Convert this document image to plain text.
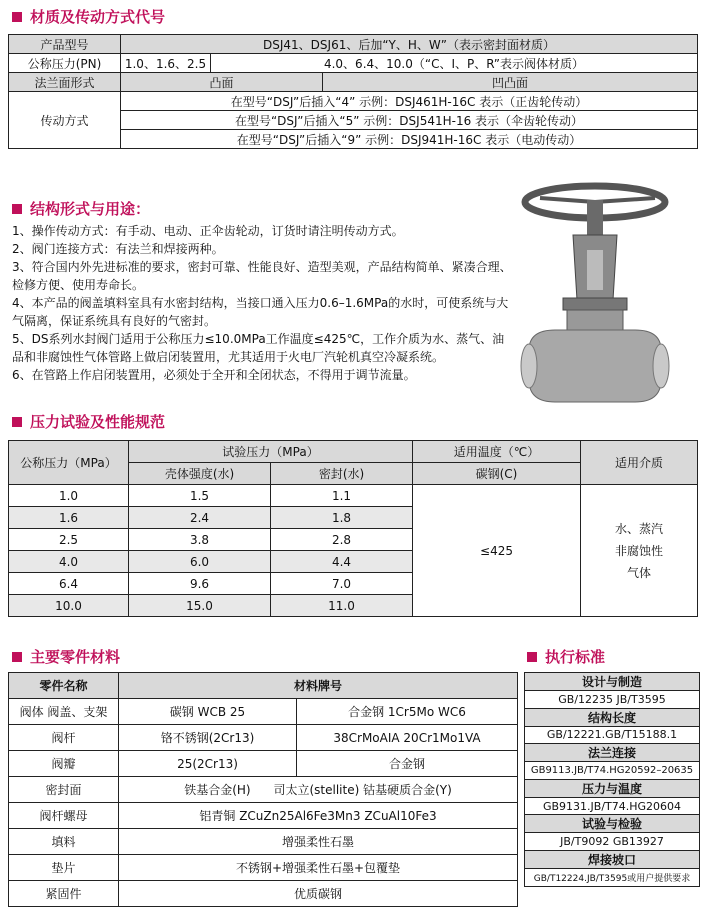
材质及传动方式代号
产品型号	DSJ41、DSJ61、后加“Y、H、W”（表示密封面材质）		
公称压力(PN)	1.0、1.6、2.5	4.0、6.4、10.0（“C、I、P、R”表示阀体材质）	
法兰面形式	凸面		凹凸面
传动方式	在型号“DSJ”后插入“4” 示例：DSJ461H-16C 表示（正齿轮传动）		
	在型号“DSJ”后插入“5” 示例：DSJ541H-16 表示（伞齿轮传动）		
	在型号“DSJ”后插入“9” 示例：DSJ941H-16C 表示（电动传动）		
结构形式与用途：
1、操作传动方式：有手动、电动、正伞齿轮动，订货时请注明传动方式。
2、阀门连接方式：有法兰和焊接两种。
3、符合国内外先进标准的要求，密封可靠、性能良好、造型美观，产品结构简单、紧凑合理、检修方便、使用寿命长。
4、本产品的阀盖填料室具有水密封结构，当接口通入压力0.6–1.6MPa的水时，可使系统与大气隔离，保证系统具有良好的气密封。
5、DS系列水封阀门适用于公称压力≤10.0MPa工作温度≤425℃，工作介质为水、蒸气、油品和非腐蚀性气体管路上做启闭装置用，尤其适用于火电厂汽轮机真空冷凝系统。
6、在管路上作启闭装置用，必须处于全开和全闭状态，不得用于调节流量。
压力试验及性能规范
公称压力（MPa）	试验压力（MPa）		适用温度（℃）	适用介质
	壳体强度(水)	密封(水)	碳钢(C)	
1.0	1.5	1.1	≤425	水、蒸汽
非腐蚀性
气体

1.6	2.4	1.8		
2.5	3.8	2.8		
4.0	6.0	4.4		
6.4	9.6	7.0		
10.0	15.0	11.0		
主要零件材料
零件名称	材料牌号	
阀体 阀盖、支架	碳钢 WCB 25	合金钢 1Cr5Mo WC6
阀杆	铬不锈钢(2Cr13)	38CrMoAIA 20Cr1Mo1VA
阀瓣	25(2Cr13)	合金钢
密封面	铁基合金(H) 司太立(stellite) 钴基硬质合金(Y)	
阀杆螺母	铝青铜 ZCuZn25Al6Fe3Mn3 ZCuAl10Fe3	
填料	增强柔性石墨	
垫片	不锈钢+增强柔性石墨+包覆垫	
紧固件	优质碳钢	
执行标准
设计与制造
GB/12235 JB/T3595
结构长度
GB/12221.GB/T15188.1
法兰连接
GB9113.JB/T74.HG20592–20635
压力与温度
GB9131.JB/T74.HG20604
试验与检验
JB/T9092 GB13927
焊接坡口
GB/T12224.JB/T3595或用户提供要求
